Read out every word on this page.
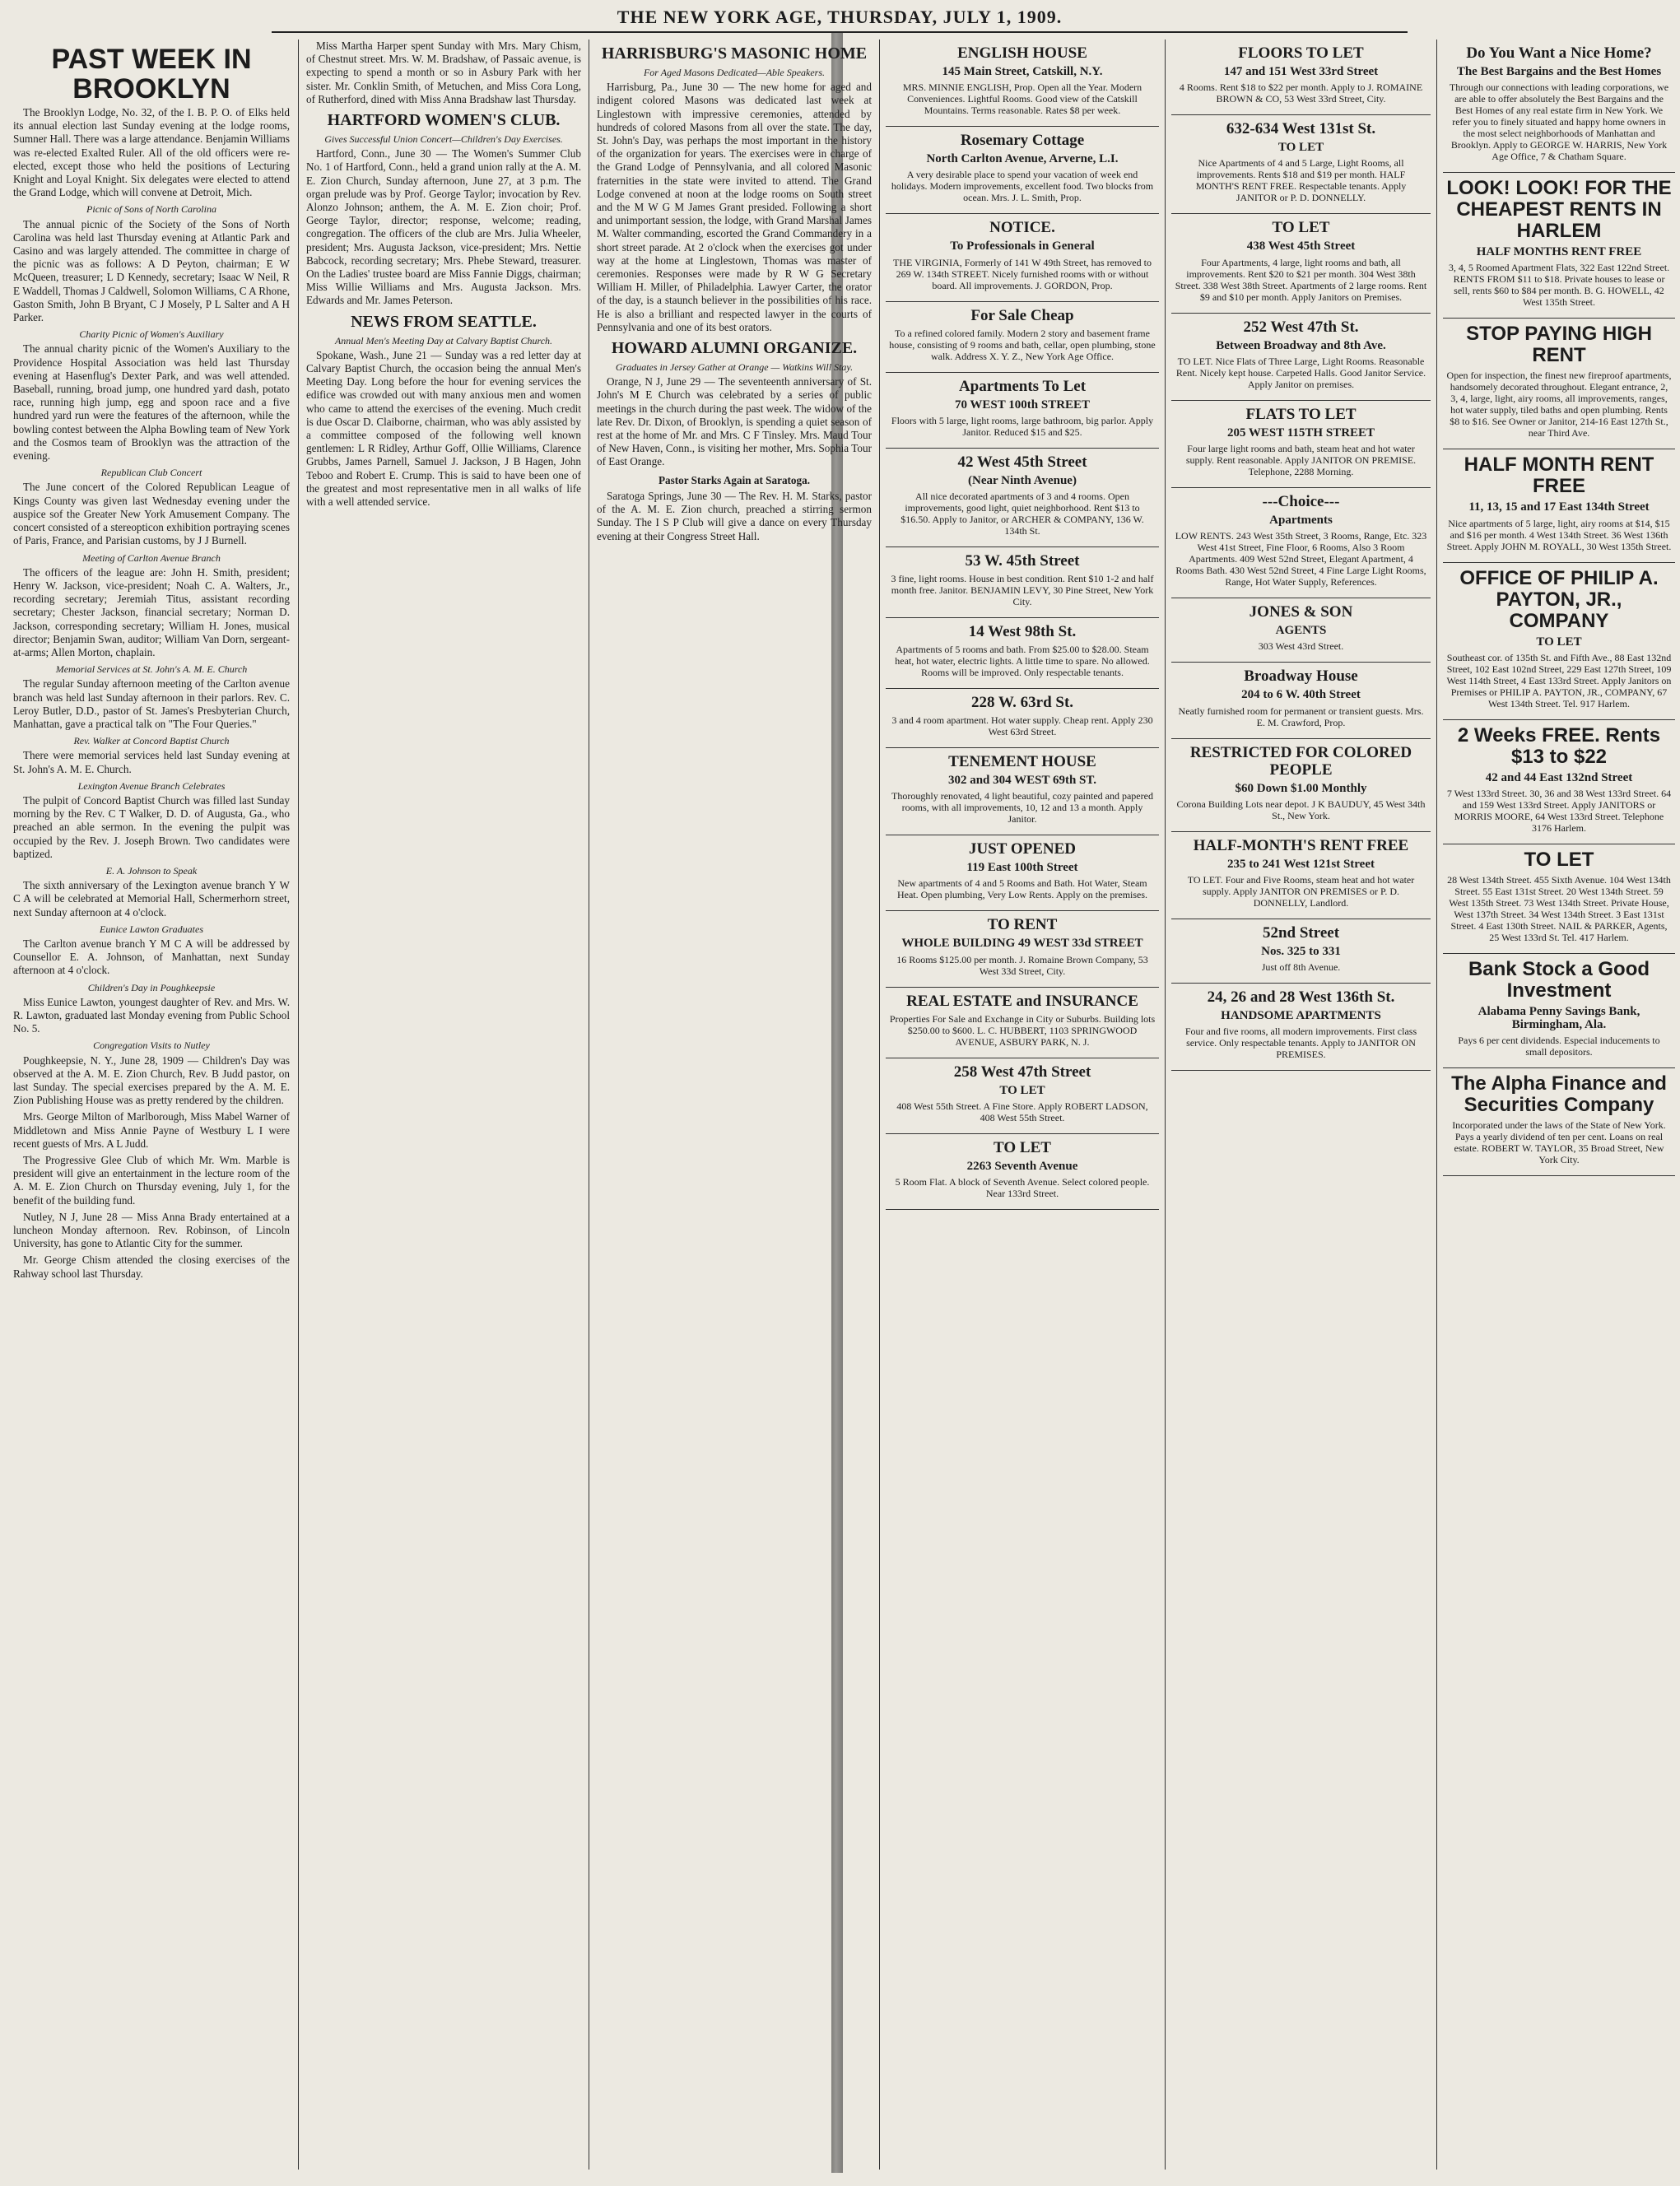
THE NEW YORK AGE, THURSDAY, JULY 1, 1909.
PAST WEEK IN BROOKLYN

The Brooklyn Lodge, No. 32, of the I. B. P. O. of Elks held its annual election last Sunday evening at the lodge rooms, Sumner Hall. There was a large attendance. Benjamin Williams was re-elected Exalted Ruler. All of the old officers were re-elected, except those who held the positions of Lecturing Knight and Loyal Knight. Six delegates were elected to attend the Grand Lodge, which will convene at Detroit, Mich.

Picnic of Sons of North Carolina

The annual picnic of the Society of the Sons of North Carolina was held last Thursday evening at Atlantic Park and Casino and was largely attended. The committee in charge of the picnic was as follows: A D Peyton, chairman; E W McQueen, treasurer; L D Kennedy, secretary; Isaac W Neil, R E Waddell, Thomas J Caldwell, Solomon Williams, C A Rhone, Gaston Smith, John B Bryant, C J Mosely, P L Salter and A H Parker.

Charity Picnic of Women's Auxiliary

The annual charity picnic of the Women's Auxiliary to the Providence Hospital Association was held last Thursday evening at Hasenflug's Dexter Park, and was well attended. Baseball, running, broad jump, one hundred yard dash, potato race, running high jump, egg and spoon race and a five hundred yard run were the features of the afternoon, while the bowling contest between the Alpha Bowling team of New York and the Cosmos team of Brooklyn was the attraction of the evening.

Republican Club Concert

The June concert of the Colored Republican League of Kings County was given last Wednesday evening under the auspice sof the Greater New York Amusement Company. The concert consisted of a stereopticon exhibition portraying scenes of Paris, France, and Parisian customs, by J J Burnell.

Meeting of Carlton Avenue Branch

The officers of the league are: John H. Smith, president; Henry W. Jackson, vice-president; Noah C. A. Walters, Jr., recording secretary; Jeremiah Titus, assistant recording secretary; Chester Jackson, financial secretary; Norman D. Jackson, corresponding secretary; William H. Jones, musical director; Benjamin Swan, auditor; William Van Dorn, sergeant-at-arms; Allen Morton, chaplain.

Memorial Services at St. John's A. M. E. Church

The regular Sunday afternoon meeting of the Carlton avenue branch was held last Sunday afternoon in their parlors. Rev. C. Leroy Butler, D.D., pastor of St. James's Presbyterian Church, Manhattan, gave a practical talk on "The Four Queries."

Rev. Walker at Concord Baptist Church

There were memorial services held last Sunday evening at St. John's A. M. E. Church.

Lexington Avenue Branch Celebrates

The pulpit of Concord Baptist Church was filled last Sunday morning by the Rev. C T Walker, D. D. of Augusta, Ga., who preached an able sermon. In the evening the pulpit was occupied by the Rev. J. Joseph Brown. Two candidates were baptized.

E. A. Johnson to Speak

The sixth anniversary of the Lexington avenue branch Y W C A will be celebrated at Memorial Hall, Schermerhorn street, next Sunday afternoon at 4 o'clock.

Eunice Lawton Graduates

The Carlton avenue branch Y M C A will be addressed by Counsellor E. A. Johnson, of Manhattan, next Sunday afternoon at 4 o'clock.

Children's Day in Poughkeepsie

Miss Eunice Lawton, youngest daughter of Rev. and Mrs. W. R. Lawton, graduated last Monday evening from Public School No. 5.

Congregation Visits to Nutley

Poughkeepsie, N. Y., June 28, 1909 — Children's Day was observed at the A. M. E. Zion Church, Rev. B Judd pastor, on last Sunday. The special exercises prepared by the A. M. E. Zion Publishing House was as pretty rendered by the children.

Mrs. George Milton of Marlborough, Miss Mabel Warner of Middletown and Miss Annie Payne of Westbury L I were recent guests of Mrs. A L Judd.

The Progressive Glee Club of which Mr. Wm. Marble is president will give an entertainment in the lecture room of the A. M. E. Zion Church on Thursday evening, July 1, for the benefit of the building fund.

Nutley, N J, June 28 — Miss Anna Brady entertained at a luncheon Monday afternoon. Rev. Robinson, of Lincoln University, has gone to Atlantic City for the summer.

Mr. George Chism attended the closing exercises of the Rahway school last Thursday.

Miss Martha Harper spent Sunday with Mrs. Mary Chism, of Chestnut street. Mrs. W. M. Bradshaw, of Passaic avenue, is expecting to spend a month or so in Asbury Park with her sister. Mr. Conklin Smith, of Metuchen, and Miss Cora Long, of Rutherford, dined with Miss Anna Bradshaw last Thursday.

HARTFORD WOMEN'S CLUB.
Gives Successful Union Concert—Children's Day Exercises.

Hartford, Conn., June 30 — The Women's Summer Club No. 1 of Hartford, Conn., held a grand union rally at the A. M. E. Zion Church, Sunday afternoon, June 27, at 3 p.m. The organ prelude was by Prof. George Taylor; invocation by Rev. Alonzo Johnson; anthem, the A. M. E. Zion choir; Prof. George Taylor, director; response, welcome; reading, congregation. The officers of the club are Mrs. Julia Wheeler, president; Mrs. Augusta Jackson, vice-president; Mrs. Nettie Babcock, recording secretary; Mrs. Phebe Steward, treasurer. On the Ladies' trustee board are Miss Fannie Diggs, chairman; Miss Willie Williams and Mrs. Augusta Jackson. Mrs. Edwards and Mr. James Peterson.

NEWS FROM SEATTLE.
Annual Men's Meeting Day at Calvary Baptist Church.

Spokane, Wash., June 21 — Sunday was a red letter day at Calvary Baptist Church, the occasion being the annual Men's Meeting Day. Long before the hour for evening services the edifice was crowded out with many anxious men and women who came to attend the exercises of the evening. Much credit is due Oscar D. Claiborne, chairman, who was ably assisted by a committee composed of the following well known gentlemen: L R Ridley, Arthur Goff, Ollie Williams, Clarence Grubbs, James Parnell, Samuel J. Jackson, J B Hagen, John Teboo and Robert E. Crump. This is said to have been one of the greatest and most representative men in all walks of life with a well attended service.

HARRISBURG'S MASONIC HOME
For Aged Masons Dedicated—Able Speakers.

Harrisburg, Pa., June 30 — The new home for aged and indigent colored Masons was dedicated last week at Linglestown with impressive ceremonies, attended by hundreds of colored Masons from all over the state. The day, St. John's Day, was perhaps the most important in the history of the organization for years. The exercises were in charge of the Grand Lodge of Pennsylvania, and all colored Masonic fraternities in the state were invited to attend. The Grand Lodge convened at noon at the lodge rooms on South street and the M W G M James Grant presided. Following a short and unimportant session, the lodge, with Grand Marshal James M. Walter commanding, escorted the Grand Commandery in a short street parade. At 2 o'clock when the exercises got under way at the home at Linglestown, Thomas was master of ceremonies. Responses were made by R W G Secretary William H. Miller, of Philadelphia. Lawyer Carter, the orator of the day, is a staunch believer in the possibilities of his race. He is also a brilliant and respected lawyer in the courts of Pennsylvania and one of its best orators.

HOWARD ALUMNI ORGANIZE.
Graduates in Jersey Gather at Orange — Watkins Will Stay.

Orange, N J, June 29 — The seventeenth anniversary of St. John's M E Church was celebrated by a series of public meetings in the church during the past week. The widow of the late Rev. Dr. Dixon, of Brooklyn, is spending a quiet season of rest at the home of Mr. and Mrs. C F Tinsley. Mrs. Maud Tour of New Haven, Conn., is visiting her mother, Mrs. Sophia Tour of East Orange.

Pastor Starks Again at Saratoga.

Saratoga Springs, June 30 — The Rev. H. M. Starks, pastor of the A. M. E. Zion church, preached a stirring sermon Sunday. The I S P Club will give a dance on every Thursday evening at their Congress Street Hall.

ENGLISH HOUSE

145 Main Street, Catskill, N.Y.

MRS. MINNIE ENGLISH, Prop. Open all the Year. Modern Conveniences. Lightful Rooms. Good view of the Catskill Mountains. Terms reasonable. Rates $8 per week.

Rosemary Cottage

North Carlton Avenue, Arverne, L.I.

A very desirable place to spend your vacation of week end holidays. Modern improvements, excellent food. Two blocks from ocean. Mrs. J. L. Smith, Prop.

NOTICE.

To Professionals in General

THE VIRGINIA, Formerly of 141 W 49th Street, has removed to 269 W. 134th STREET. Nicely furnished rooms with or without board. All improvements. J. GORDON, Prop.

For Sale Cheap

To a refined colored family. Modern 2 story and basement frame house, consisting of 9 rooms and bath, cellar, open plumbing, stone walk. Address X. Y. Z., New York Age Office.

Apartments To Let

70 WEST 100th STREET

Floors with 5 large, light rooms, large bathroom, big parlor. Apply Janitor. Reduced $15 and $25.

42 West 45th Street

(Near Ninth Avenue)

All nice decorated apartments of 3 and 4 rooms. Open improvements, good light, quiet neighborhood. Rent $13 to $16.50. Apply to Janitor, or ARCHER & COMPANY, 136 W. 134th St.

53 W. 45th Street

3 fine, light rooms. House in best condition. Rent $10 1-2 and half month free. Janitor. BENJAMIN LEVY, 30 Pine Street, New York City.

14 West 98th St.

Apartments of 5 rooms and bath. From $25.00 to $28.00. Steam heat, hot water, electric lights. A little time to spare. No allowed. Rooms will be improved. Only respectable tenants.

228 W. 63rd St.

3 and 4 room apartment. Hot water supply. Cheap rent. Apply 230 West 63rd Street.

TENEMENT HOUSE

302 and 304 WEST 69th ST.

Thoroughly renovated, 4 light beautiful, cozy painted and papered rooms, with all improvements, 10, 12 and 13 a month. Apply Janitor.

JUST OPENED

119 East 100th Street

New apartments of 4 and 5 Rooms and Bath. Hot Water, Steam Heat. Open plumbing, Very Low Rents. Apply on the premises.

TO RENT

WHOLE BUILDING 49 WEST 33d STREET

16 Rooms $125.00 per month. J. Romaine Brown Company, 53 West 33d Street, City.

REAL ESTATE and INSURANCE

Properties For Sale and Exchange in City or Suburbs. Building lots $250.00 to $600. L. C. HUBBERT, 1103 SPRINGWOOD AVENUE, ASBURY PARK, N. J.

258 West 47th Street

TO LET

408 West 55th Street. A Fine Store. Apply ROBERT LADSON, 408 West 55th Street.

TO LET

2263 Seventh Avenue

5 Room Flat. A block of Seventh Avenue. Select colored people. Near 133rd Street.

FLOORS TO LET

147 and 151 West 33rd Street

4 Rooms. Rent $18 to $22 per month. Apply to J. ROMAINE BROWN & CO, 53 West 33rd Street, City.

632-634 West 131st St.

TO LET

Nice Apartments of 4 and 5 Large, Light Rooms, all improvements. Rents $18 and $19 per month. HALF MONTH'S RENT FREE. Respectable tenants. Apply JANITOR or P. D. DONNELLY.

TO LET

438 West 45th Street

Four Apartments, 4 large, light rooms and bath, all improvements. Rent $20 to $21 per month. 304 West 38th Street. 338 West 38th Street. Apartments of 2 large rooms. Rent $9 and $10 per month. Apply Janitors on Premises.

252 West 47th St.

Between Broadway and 8th Ave.

TO LET. Nice Flats of Three Large, Light Rooms. Reasonable Rent. Nicely kept house. Carpeted Halls. Good Janitor Service. Apply Janitor on premises.

FLATS TO LET

205 WEST 115TH STREET

Four large light rooms and bath, steam heat and hot water supply. Rent reasonable. Apply JANITOR ON PREMISE. Telephone, 2288 Morning.

---Choice---

Apartments

LOW RENTS. 243 West 35th Street, 3 Rooms, Range, Etc. 323 West 41st Street, Fine Floor, 6 Rooms, Also 3 Room Apartments. 409 West 52nd Street, Elegant Apartment, 4 Rooms Bath. 430 West 52nd Street, 4 Fine Large Light Rooms, Range, Hot Water Supply, References.

JONES & SON

AGENTS

303 West 43rd Street.

Broadway House

204 to 6 W. 40th Street

Neatly furnished room for permanent or transient guests. Mrs. E. M. Crawford, Prop.

RESTRICTED FOR COLORED PEOPLE

$60 Down $1.00 Monthly

Corona Building Lots near depot. J K BAUDUY, 45 West 34th St., New York.

HALF-MONTH'S RENT FREE

235 to 241 West 121st Street

TO LET. Four and Five Rooms, steam heat and hot water supply. Apply JANITOR ON PREMISES or P. D. DONNELLY, Landlord.

52nd Street

Nos. 325 to 331

Just off 8th Avenue.

24, 26 and 28 West 136th St.

HANDSOME APARTMENTS

Four and five rooms, all modern improvements. First class service. Only respectable tenants. Apply to JANITOR ON PREMISES.

Do You Want a Nice Home?

The Best Bargains and the Best Homes

Through our connections with leading corporations, we are able to offer absolutely the Best Bargains and the Best Homes of any real estate firm in New York. We refer you to finely situated and happy home owners in the most select neighborhoods of Manhattan and Brooklyn. Apply to GEORGE W. HARRIS, New York Age Office, 7 & Chatham Square.

LOOK! LOOK! FOR THE CHEAPEST RENTS IN HARLEM

HALF MONTHS RENT FREE

3, 4, 5 Roomed Apartment Flats, 322 East 122nd Street. RENTS FROM $11 to $18. Private houses to lease or sell, rents $60 to $84 per month. B. G. HOWELL, 42 West 135th Street.

STOP PAYING HIGH RENT

Open for inspection, the finest new fireproof apartments, handsomely decorated throughout. Elegant entrance, 2, 3, 4, large, light, airy rooms, all improvements, ranges, hot water supply, tiled baths and open plumbing. Rents $8 to $16. See Owner or Janitor, 214-16 East 127th St., near Third Ave.

HALF MONTH RENT FREE

11, 13, 15 and 17 East 134th Street

Nice apartments of 5 large, light, airy rooms at $14, $15 and $16 per month. 4 West 134th Street. 36 West 136th Street. Apply JOHN M. ROYALL, 30 West 135th Street.

OFFICE OF PHILIP A. PAYTON, JR., COMPANY

TO LET

Southeast cor. of 135th St. and Fifth Ave., 88 East 132nd Street, 102 East 102nd Street, 229 East 127th Street, 109 West 114th Street, 4 East 133rd Street. Apply Janitors on Premises or PHILIP A. PAYTON, JR., COMPANY, 67 West 134th Street. Tel. 917 Harlem.

2 Weeks FREE. Rents $13 to $22

42 and 44 East 132nd Street

7 West 133rd Street. 30, 36 and 38 West 133rd Street. 64 and 159 West 133rd Street. Apply JANITORS or MORRIS MOORE, 64 West 133rd Street. Telephone 3176 Harlem.

TO LET

28 West 134th Street. 455 Sixth Avenue. 104 West 134th Street. 55 East 131st Street. 20 West 134th Street. 59 West 135th Street. 73 West 134th Street. Private House, West 137th Street. 34 West 134th Street. 3 East 131st Street. 4 East 130th Street. NAIL & PARKER, Agents, 25 West 133rd St. Tel. 417 Harlem.

Bank Stock a Good Investment

Alabama Penny Savings Bank, Birmingham, Ala.

Pays 6 per cent dividends. Especial inducements to small depositors.

The Alpha Finance and Securities Company

Incorporated under the laws of the State of New York. Pays a yearly dividend of ten per cent. Loans on real estate. ROBERT W. TAYLOR, 35 Broad Street, New York City.
